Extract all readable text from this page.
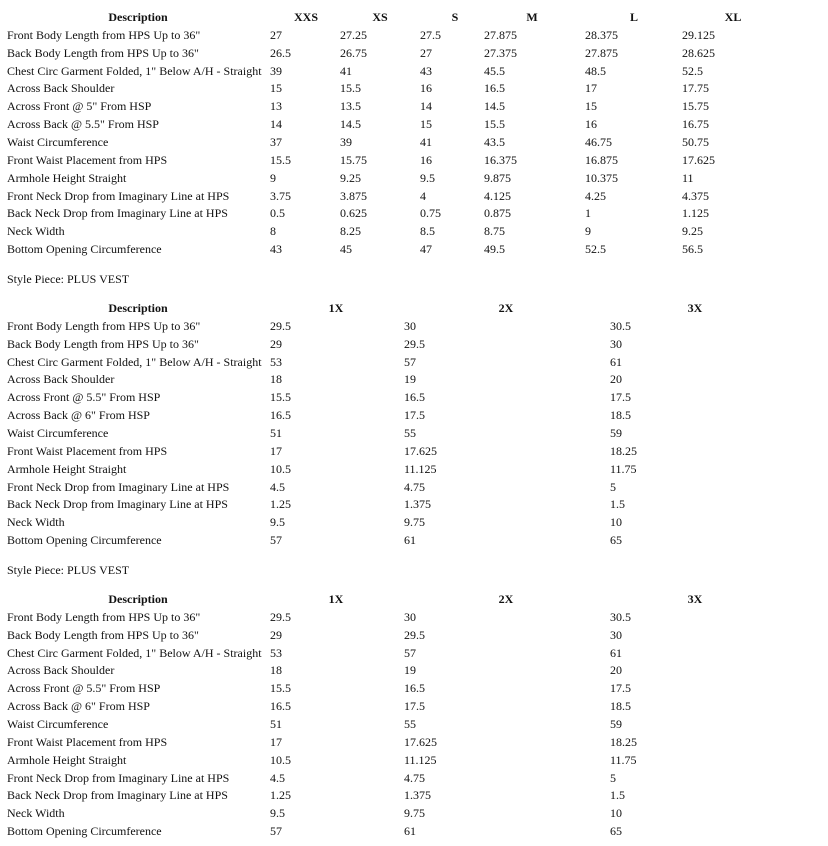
Description	XXS	XS	S	M	L	XL
Front Body Length from HPS Up to 36"	27	27.25	27.5	27.875	28.375	29.125
Back Body Length from HPS Up to 36"	26.5	26.75	27	27.375	27.875	28.625
Chest Circ Garment Folded, 1" Below A/H - Straight 39	41	43	45.5	48.5	52.5
Across Back Shoulder	15	15.5	16	16.5	17	17.75
Across Front @ 5" From HSP	13	13.5	14	14.5	15	15.75
Across Back @ 5.5" From HSP	14	14.5	15	15.5	16	16.75
Waist Circumference	37	39	41	43.5	46.75	50.75
Front Waist Placement from HPS	15.5	15.75	16	16.375	16.875	17.625
Armhole Height Straight	9	9.25	9.5	9.875	10.375	11
Front Neck Drop from Imaginary Line at HPS	3.75	3.875	4	4.125	4.25	4.375
Back Neck Drop from Imaginary Line at HPS	0.5	0.625	0.75	0.875	1	1.125
Neck Width	8	8.25	8.5	8.75	9	9.25
Bottom Opening Circumference	43	45	47	49.5	52.5	56.5
Style Piece: PLUS VEST
Description	1X	2X	3X
Front Body Length from HPS Up to 36"	29.5	30	30.5
Back Body Length from HPS Up to 36"	29	29.5	30
Chest Circ Garment Folded, 1" Below A/H - Straight 53	57	61
Across Back Shoulder	18	19	20
Across Front @ 5.5" From HSP	15.5	16.5	17.5
Across Back @ 6" From HSP	16.5	17.5	18.5
Waist Circumference	51	55	59
Front Waist Placement from HPS	17	17.625	18.25
Armhole Height Straight	10.5	11.125	11.75
Front Neck Drop from Imaginary Line at HPS	4.5	4.75	5
Back Neck Drop from Imaginary Line at HPS	1.25	1.375	1.5
Neck Width	9.5	9.75	10
Bottom Opening Circumference	57	61	65
Style Piece: PLUS VEST
Description	1X	2X	3X
Front Body Length from HPS Up to 36"	29.5	30	30.5
Back Body Length from HPS Up to 36"	29	29.5	30
Chest Circ Garment Folded, 1" Below A/H - Straight 53	57	61
Across Back Shoulder	18	19	20
Across Front @ 5.5" From HSP	15.5	16.5	17.5
Across Back @ 6" From HSP	16.5	17.5	18.5
Waist Circumference	51	55	59
Front Waist Placement from HPS	17	17.625	18.25
Armhole Height Straight	10.5	11.125	11.75
Front Neck Drop from Imaginary Line at HPS	4.5	4.75	5
Back Neck Drop from Imaginary Line at HPS	1.25	1.375	1.5
Neck Width	9.5	9.75	10
Bottom Opening Circumference	57	61	65
